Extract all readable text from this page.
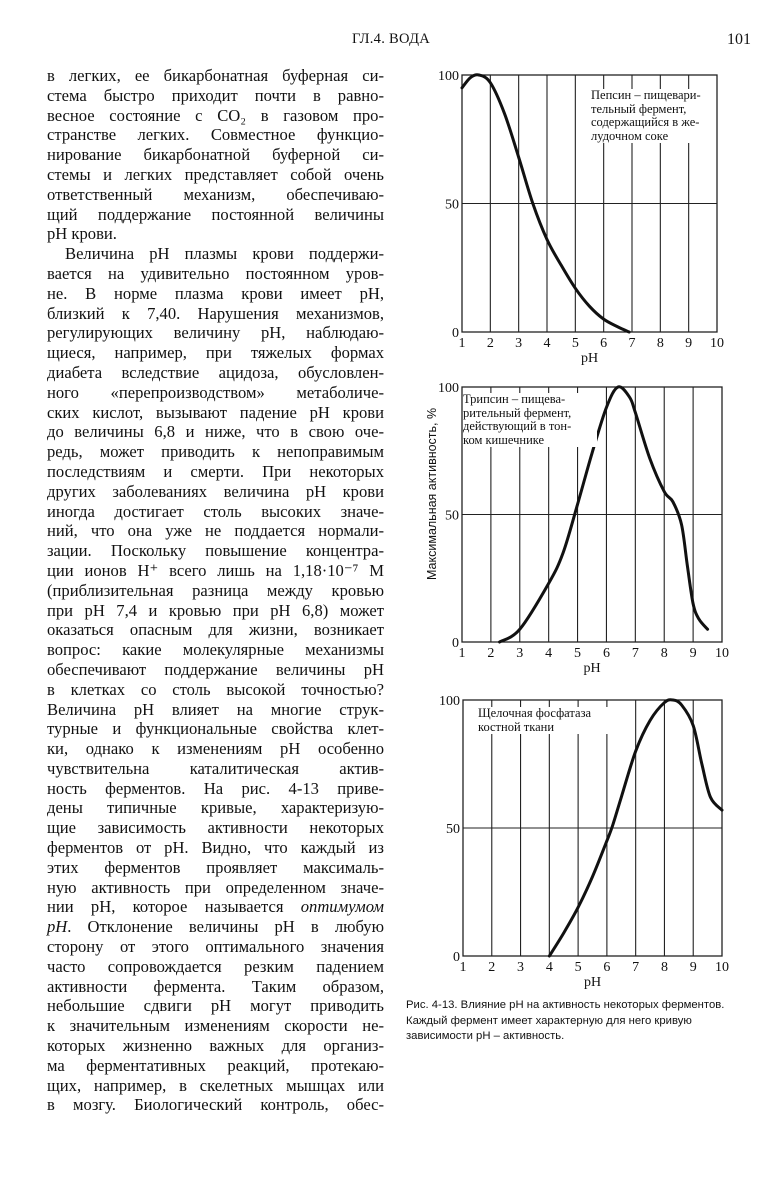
ГЛ.4. ВОДА	101
в легких, ее бикарбонатная буферная си-
стема быстро приходит почти в равно-
весное состояние с CO₂ в газовом про-
странстве легких. Совместное функцио-
нирование бикарбонатной буферной си-
стемы и легких представляет собой очень
ответственный механизм, обеспечиваю-
щий поддержание постоянной величины
pH крови.
Величина pH плазмы крови поддержи-
вается на удивительно постоянном уров-
не. В норме плазма крови имеет pH,
близкий к 7,40. Нарушения механизмов,
регулирующих величину pH, наблюдаю-
щиеся, например, при тяжелых формах
диабета вследствие ацидоза, обусловлен-
ного «перепроизводством» метаболиче-
ских кислот, вызывают падение pH крови
до величины 6,8 и ниже, что в свою оче-
редь, может приводить к непоправимым
последствиям и смерти. При некоторых
других заболеваниях величина pH крови
иногда достигает столь высоких значе-
ний, что она уже не поддается нормали-
зации. Поскольку повышение концентра-
ции ионов H⁺ всего лишь на 1,18·10⁻⁷ M
(приблизительная разница между кровью
при pH 7,4 и кровью при pH 6,8) может
оказаться опасным для жизни, возникает
вопрос: какие молекулярные механизмы
обеспечивают поддержание величины pH
в клетках со столь высокой точностью?
Величина pH влияет на многие струк-
турные и функциональные свойства клет-
ки, однако к изменениям pH особенно
чувствительна каталитическая актив-
ность ферментов. На рис. 4-13 приве-
дены типичные кривые, характеризую-
щие зависимость активности некоторых
ферментов от pH. Видно, что каждый из
этих ферментов проявляет максималь-
ную активность при определенном значе-
нии pH, которое называется оптимумом
pH. Отклонение величины pH в любую
сторону от этого оптимального значения
часто сопровождается резким падением
активности фермента. Таким образом,
небольшие сдвиги pH могут приводить
к значительным изменениям скорости не-
которых жизненно важных для организ-
ма ферментативных реакций, протекаю-
щих, например, в скелетных мышцах или
в мозгу. Биологический контроль, обес-
1 2 3 4 5 6 7 8 9 10
0
50
100
pH
Пепсин – пищевари-
тельный фермент,
содержащийся в же-
лудочном соке
1 2 3 4 5 6 7 8 9 10
0
50
100
pH
Трипсин – пищева-
рительный фермент,
действующий в тон-
ком кишечнике
1 2 3 4 5 6 7 8 9 10
0
50
100
pH
Щелочная фосфатаза
костной ткани
Максимальная активность, %
Рис. 4-13. Влияние pH на активность некоторых ферментов. Каждый фермент имеет характерную для него кривую зависимости pH – активность.
